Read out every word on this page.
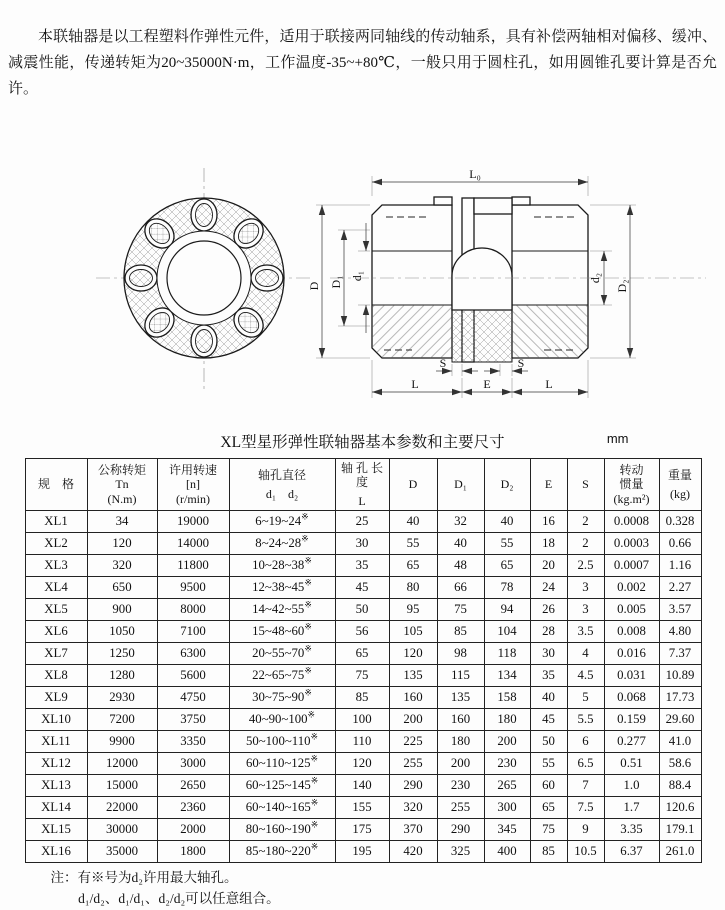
本联轴器是以工程塑料作弹性元件，适用于联接两同轴线的传动轴系，具有补偿两轴相对偏移、缓冲、减震性能，传递转矩为20~35000N·m，工作温度-35~+80℃，一般只用于圆柱孔，如用圆锥孔要计算是否允许。

L₀
D D₁ d₁	d₂
D₂
S	S
L	E	L
XL型星形弹性联轴器基本参数和主要尺寸	mm
规　格

公称转矩
Tn
(N.m)

许用转速
[n]
(r/min)

轴孔直径
d₁　d₂

轴 孔 长 度
L

D	D₁	D₂	E	S

转动
惯量
(kg.m²)

重量
(kg)

XL1	34	19000	6~19~24※	25	40	32	40	16	2	0.0008	0.328
XL2	120	14000	8~24~28※	30	55	40	55	18	2	0.0003	0.66
XL3	320	11800	10~28~38※	35	65	48	65	20	2.5	0.0007	1.16
XL4	650	9500	12~38~45※	45	80	66	78	24	3	0.002	2.27
XL5	900	8000	14~42~55※	50	95	75	94	26	3	0.005	3.57
XL6	1050	7100	15~48~60※	56	105	85	104	28	3.5	0.008	4.80
XL7	1250	6300	20~55~70※	65	120	98	118	30	4	0.016	7.37
XL8	1280	5600	22~65~75※	75	135	115	134	35	4.5	0.031	10.89
XL9	2930	4750	30~75~90※	85	160	135	158	40	5	0.068	17.73
XL10	7200	3750	40~90~100※	100	200	160	180	45	5.5	0.159	29.60
XL11	9900	3350	50~100~110※	110	225	180	200	50	6	0.277	41.0
XL12	12000	3000	60~110~125※	120	255	200	230	55	6.5	0.51	58.6
XL13	15000	2650	60~125~145※	140	290	230	265	60	7	1.0	88.4
XL14	22000	2360	60~140~165※	155	320	255	300	65	7.5	1.7	120.6
XL15	30000	2000	80~160~190※	175	370	290	345	75	9	3.35	179.1
XL16	35000	1800	85~180~220※	195	420	325	400	85	10.5	6.37	261.0
注：有※号为d₂许用最大轴孔。
d₁/d₂、d₁/d₁、d₂/d₂可以任意组合。
